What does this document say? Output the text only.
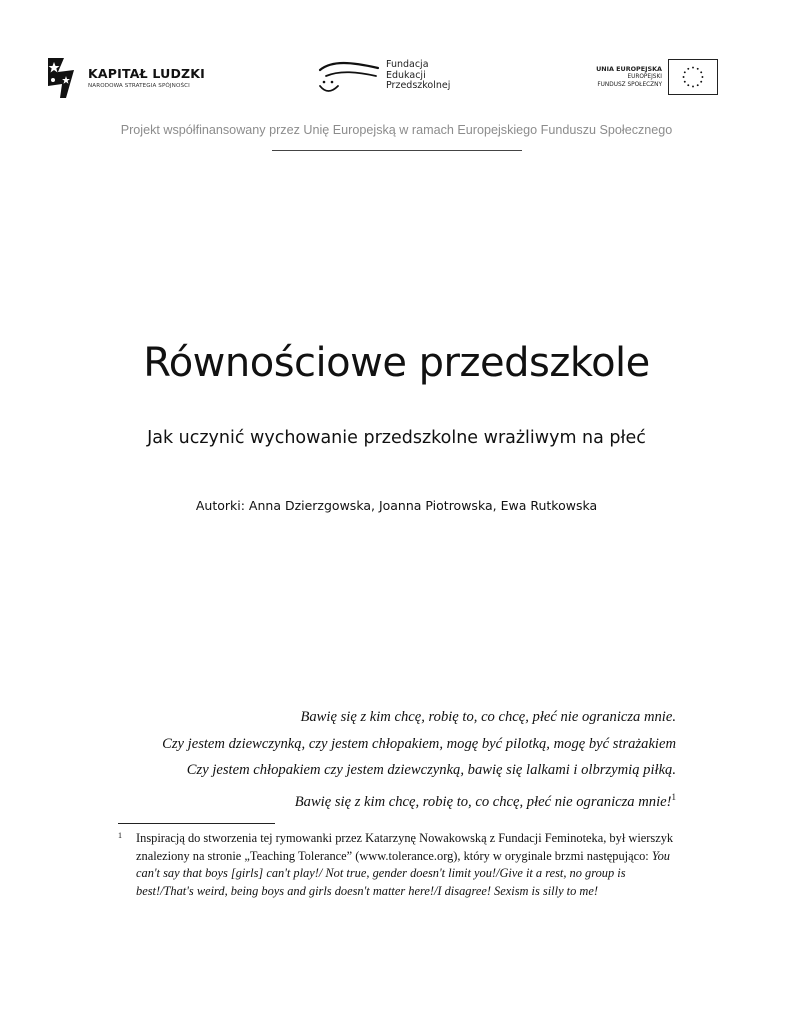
KAPITAŁ LUDZKI
NARODOWA STRATEGIA SPÓJNOŚCI
Fundacja
Edukacji
Przedszkolnej
UNIA EUROPEJSKA
EUROPEJSKI
FUNDUSZ SPOŁECZNY
Projekt współfinansowany przez Unię Europejską w ramach Europejskiego Funduszu Społecznego
Równościowe przedszkole
Jak uczynić wychowanie przedszkolne wrażliwym na płeć
Autorki: Anna Dzierzgowska, Joanna Piotrowska, Ewa Rutkowska
Bawię się z kim chcę, robię to, co chcę, płeć nie ogranicza mnie.
Czy jestem dziewczynką, czy jestem chłopakiem, mogę być pilotką, mogę być strażakiem
Czy jestem chłopakiem czy jestem dziewczynką, bawię się lalkami i olbrzymią piłką.
Bawię się z kim chcę, robię to, co chcę, płeć nie ogranicza mnie!$^1$
1 Inspiracją do stworzenia tej rymowanki przez Katarzynę Nowakowską z Fundacji Feminoteka, był wierszyk znaleziony na stronie „Teaching Tolerance” (www.tolerance.org), który w oryginale brzmi następująco: You can't say that boys [girls] can't play!/ Not true, gender doesn't limit you!/Give it a rest, no group is best!/That's weird, being boys and girls doesn't matter here!/I disagree! Sexism is silly to me!
